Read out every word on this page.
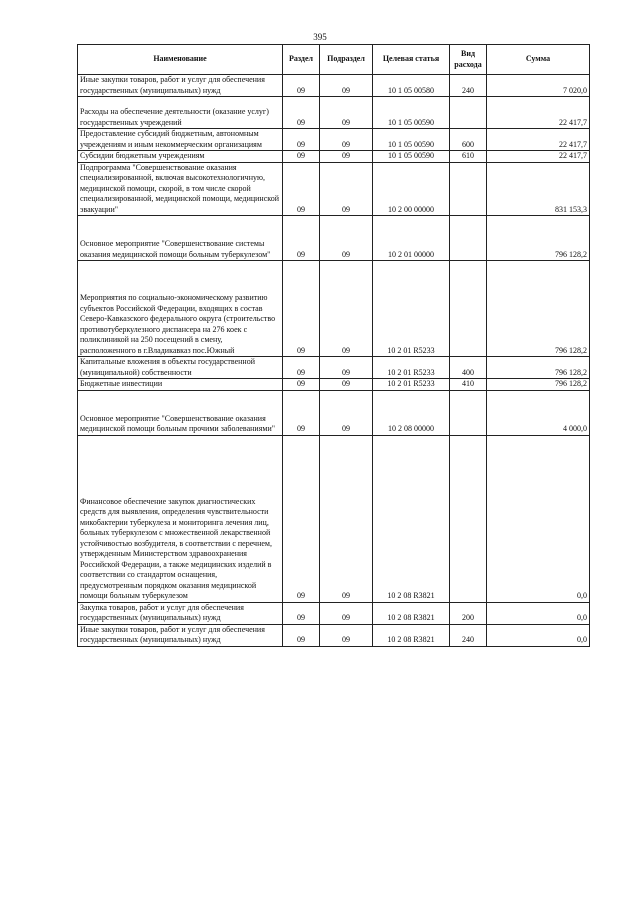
395
Наименование	Раздел	Подраздел	Целевая статья	Вид расхода	Сумма
Иные закупки товаров, работ и услуг для обеспечения государственных (муниципальных) нужд	09	09	10 1 05 00580	240	7 020,0
Расходы на обеспечение деятельности (оказание услуг) государственных учреждений	09	09	10 1 05 00590		22 417,7
Предоставление субсидий бюджетным, автономным учреждениям и иным некоммерческим организациям	09	09	10 1 05 00590	600	22 417,7
Субсидии бюджетным учреждениям	09	09	10 1 05 00590	610	22 417,7
Подпрограмма "Совершенствование оказания специализированной, включая высокотехнологичную, медицинской помощи, скорой, в том числе скорой специализированной, медицинской помощи, медицинской эвакуации"	09	09	10 2 00 00000		831 153,3
Основное мероприятие "Совершенствование системы оказания медицинской помощи больным туберкулезом"	09	09	10 2 01 00000		796 128,2
Мероприятия по социально-экономическому развитию субъектов Российской Федерации, входящих в состав Северо-Кавказского федерального округа (строительство противотуберкулезного диспансера на 276 коек с поликлиникой на 250 посещений в смену, расположенного в г.Владикавказ пос.Южный	09	09	10 2 01 R5233		796 128,2
Капитальные вложения в объекты государственной (муниципальной) собственности	09	09	10 2 01 R5233	400	796 128,2
Бюджетные инвестиции	09	09	10 2 01 R5233	410	796 128,2
Основное мероприятие "Совершенствование оказания медицинской помощи больным прочими заболеваниями"	09	09	10 2 08 00000		4 000,0
Финансовое обеспечение закупок диагностических средств для выявления, определения чувствительности микобактерии туберкулеза и мониторинга лечения лиц, больных туберкулезом с множественной лекарственной устойчивостью возбудителя, в соответствии с перечнем, утвержденным Министерством здравоохранения Российской Федерации, а также медицинских изделий в соответствии со стандартом оснащения, предусмотренным порядком оказания медицинской помощи больным туберкулезом	09	09	10 2 08 R3821		0,0
Закупка товаров, работ и услуг для обеспечения государственных (муниципальных) нужд	09	09	10 2 08 R3821	200	0,0
Иные закупки товаров, работ и услуг для обеспечения государственных (муниципальных) нужд	09	09	10 2 08 R3821	240	0,0
